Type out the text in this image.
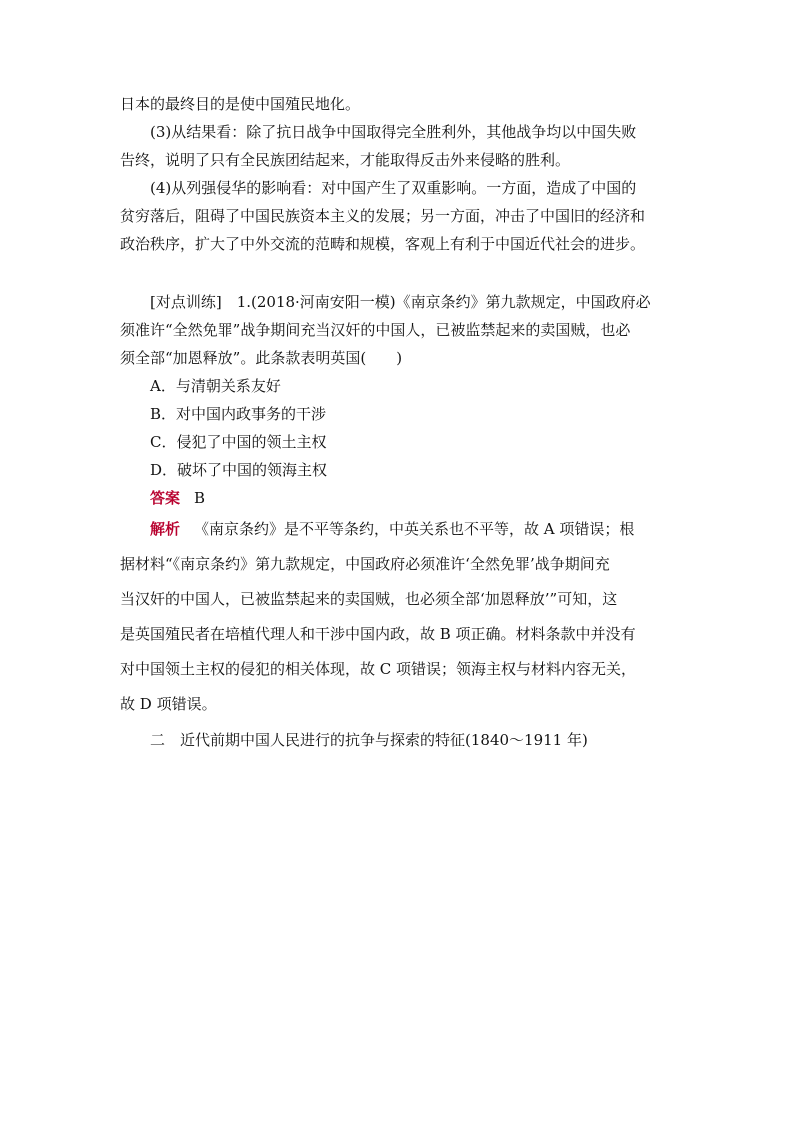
日本的最终目的是使中国殖民地化。
(3)从结果看：除了抗日战争中国取得完全胜利外，其他战争均以中国失败
告终，说明了只有全民族团结起来，才能取得反击外来侵略的胜利。
(4)从列强侵华的影响看：对中国产生了双重影响。一方面，造成了中国的
贫穷落后，阻碍了中国民族资本主义的发展；另一方面，冲击了中国旧的经济和
政治秩序，扩大了中外交流的范畴和规模，客观上有利于中国近代社会的进步。
[对点训练]　1.(2018·河南安阳一模)《南京条约》第九款规定，中国政府必
须准许“全然免罪”战争期间充当汉奸的中国人，已被监禁起来的卖国贼，也必
须全部“加恩释放”。此条款表明英国(　　)
A．与清朝关系友好
B．对中国内政事务的干涉
C．侵犯了中国的领土主权
D．破坏了中国的领海主权
答案 B
解析 《南京条约》是不平等条约，中英关系也不平等，故 A 项错误；根
据材料“《南京条约》第九款规定，中国政府必须准许‘全然免罪’战争期间充
当汉奸的中国人，已被监禁起来的卖国贼，也必须全部‘加恩释放’”可知，这
是英国殖民者在培植代理人和干涉中国内政，故 B 项正确。材料条款中并没有
对中国领土主权的侵犯的相关体现，故 C 项错误；领海主权与材料内容无关，
故 D 项错误。
二　近代前期中国人民进行的抗争与探索的特征(1840～1911 年)
